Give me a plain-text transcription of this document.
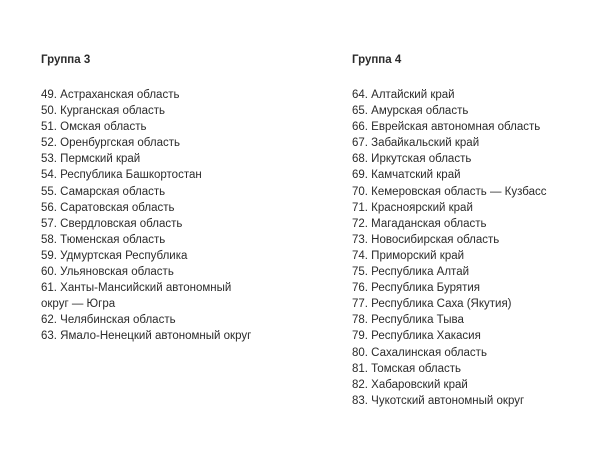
Группа 3

49. Астраханская область
50. Курганская область
51. Омская область
52. Оренбургская область
53. Пермский край
54. Республика Башкортостан
55. Самарская область
56. Саратовская область
57. Свердловская область
58. Тюменская область
59. Удмуртская Республика
60. Ульяновская область
61. Ханты-Мансийский автономный
округ — Югра
62. Челябинская область
63. Ямало-Ненецкий автономный округ

Группа 4

64. Алтайский край
65. Амурская область
66. Еврейская автономная область
67. Забайкальский край
68. Иркутская область
69. Камчатский край
70. Кемеровская область — Кузбасс
71. Красноярский край
72. Магаданская область
73. Новосибирская область
74. Приморский край
75. Республика Алтай
76. Республика Бурятия
77. Республика Саха (Якутия)
78. Республика Тыва
79. Республика Хакасия
80. Сахалинская область
81. Томская область
82. Хабаровский край
83. Чукотский автономный округ
